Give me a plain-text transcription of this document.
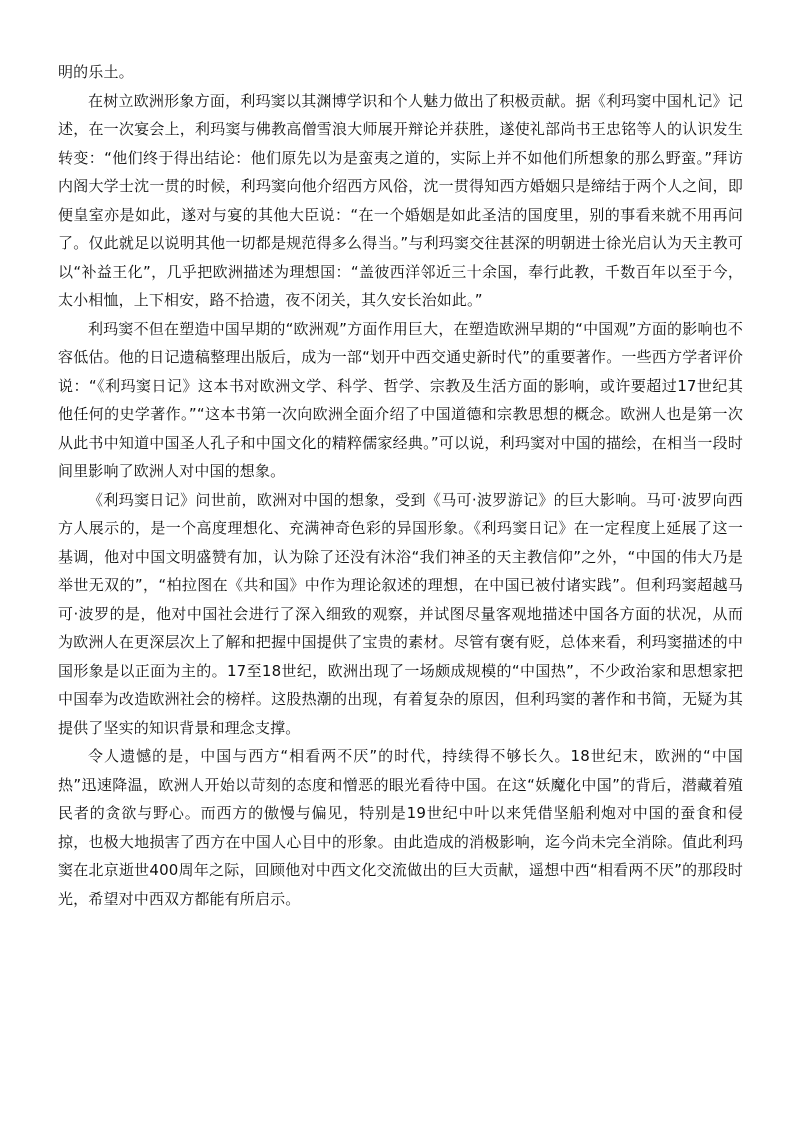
明的乐土。

在树立欧洲形象方面，利玛窦以其渊博学识和个人魅力做出了积极贡献。据《利玛窦中国札记》记述，在一次宴会上，利玛窦与佛教高僧雪浪大师展开辩论并获胜，遂使礼部尚书王忠铭等人的认识发生转变：“他们终于得出结论：他们原先以为是蛮夷之道的，实际上并不如他们所想象的那么野蛮。”拜访内阁大学士沈一贯的时候，利玛窦向他介绍西方风俗，沈一贯得知西方婚姻只是缔结于两个人之间，即便皇室亦是如此，遂对与宴的其他大臣说：“在一个婚姻是如此圣洁的国度里，别的事看来就不用再问了。仅此就足以说明其他一切都是规范得多么得当。”与利玛窦交往甚深的明朝进士徐光启认为天主教可以“补益王化”，几乎把欧洲描述为理想国：“盖彼西洋邻近三十余国，奉行此教，千数百年以至于今，太小相恤，上下相安，路不拾遗，夜不闭关，其久安长治如此。”

利玛窦不但在塑造中国早期的“欧洲观”方面作用巨大，在塑造欧洲早期的“中国观”方面的影响也不容低估。他的日记遗稿整理出版后，成为一部“划开中西交通史新时代”的重要著作。一些西方学者评价说：“《利玛窦日记》这本书对欧洲文学、科学、哲学、宗教及生活方面的影响，或许要超过17世纪其他任何的史学著作。”“这本书第一次向欧洲全面介绍了中国道德和宗教思想的概念。欧洲人也是第一次从此书中知道中国圣人孔子和中国文化的精粹儒家经典。”可以说，利玛窦对中国的描绘，在相当一段时间里影响了欧洲人对中国的想象。

《利玛窦日记》问世前，欧洲对中国的想象，受到《马可·波罗游记》的巨大影响。马可·波罗向西方人展示的，是一个高度理想化、充满神奇色彩的异国形象。《利玛窦日记》在一定程度上延展了这一基调，他对中国文明盛赞有加，认为除了还没有沐浴“我们神圣的天主教信仰”之外，“中国的伟大乃是举世无双的”，“柏拉图在《共和国》中作为理论叙述的理想，在中国已被付诸实践”。但利玛窦超越马可·波罗的是，他对中国社会进行了深入细致的观察，并试图尽量客观地描述中国各方面的状况，从而为欧洲人在更深层次上了解和把握中国提供了宝贵的素材。尽管有褒有贬，总体来看，利玛窦描述的中国形象是以正面为主的。17至18世纪，欧洲出现了一场颇成规模的“中国热”，不少政治家和思想家把中国奉为改造欧洲社会的榜样。这股热潮的出现，有着复杂的原因，但利玛窦的著作和书简，无疑为其提供了坚实的知识背景和理念支撑。

令人遗憾的是，中国与西方“相看两不厌”的时代，持续得不够长久。18世纪末，欧洲的“中国热”迅速降温，欧洲人开始以苛刻的态度和憎恶的眼光看待中国。在这“妖魔化中国”的背后，潜藏着殖民者的贪欲与野心。而西方的傲慢与偏见，特别是19世纪中叶以来凭借坚船利炮对中国的蚕食和侵掠，也极大地损害了西方在中国人心目中的形象。由此造成的消极影响，迄今尚未完全消除。值此利玛窦在北京逝世400周年之际，回顾他对中西文化交流做出的巨大贡献，遥想中西“相看两不厌”的那段时光，希望对中西双方都能有所启示。
